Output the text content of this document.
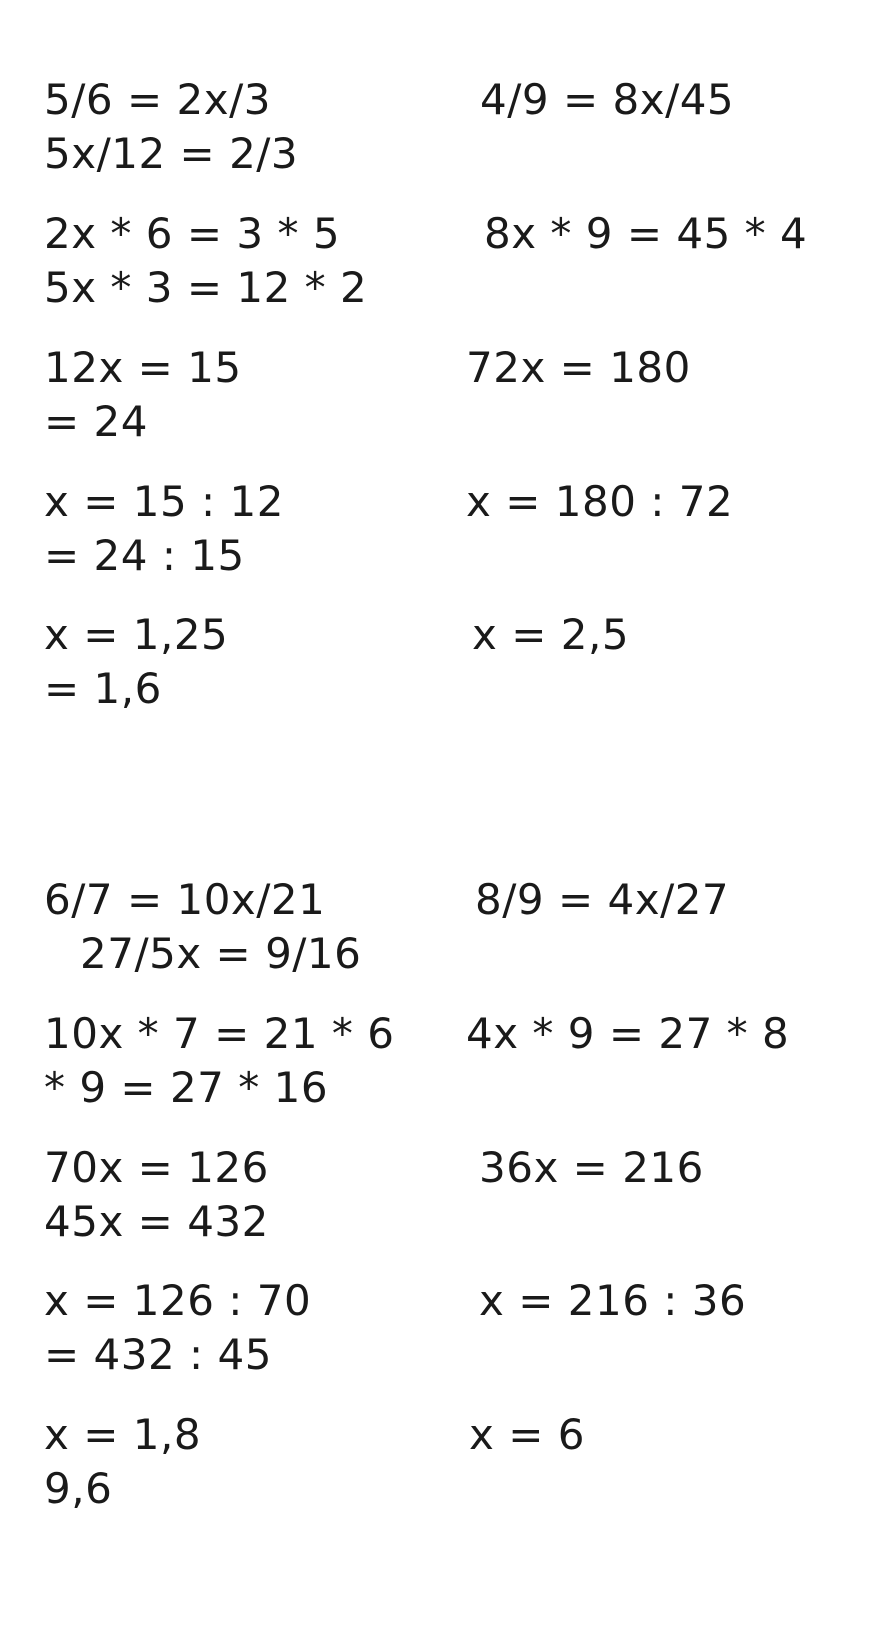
5/6 = 2x/3
5x/12 = 2/3
2x * 6 = 3 * 5
5x * 3 = 12 * 2
12x = 15
= 24
x = 15 : 12
= 24 : 15
x = 1,25
= 1,6
4/9 = 8x/45
8x * 9 = 45 * 4
72x = 180
x = 180 : 72
x = 2,5
6/7 = 10x/21
27/5x = 9/16
10x * 7 = 21 * 6
* 9 = 27 * 16
70x = 126
45x = 432
x = 126 : 70
= 432 : 45
x = 1,8
9,6
8/9 = 4x/27
4x * 9 = 27 * 8
36x = 216
x = 216 : 36
x = 6
